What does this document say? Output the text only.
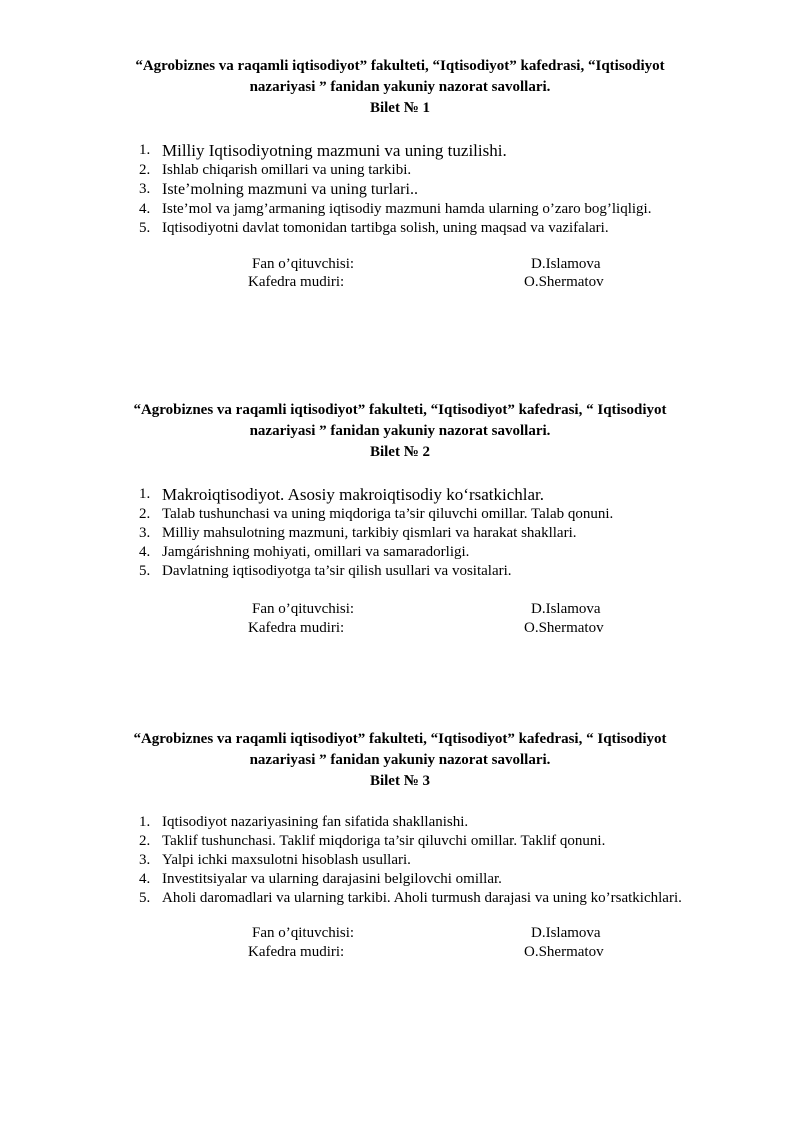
“Agrobiznes va raqamli iqtisodiyot” fakulteti, “Iqtisodiyot” kafedrasi, “Iqtisodiyot
nazariyasi ” fanidan yakuniy nazorat savollari.
Bilet № 1

1. Milliy Iqtisodiyotning mazmuni va uning tuzilishi.
2. Ishlab chiqarish omillari va uning tarkibi.
3. Iste’molning mazmuni va uning turlari..
4. Iste’mol va jamg’armaning iqtisodiy mazmuni hamda ularning o’zaro bog’liqligi.
5. Iqtisodiyotni davlat tomonidan tartibga solish, uning maqsad va vazifalari.
Fan o’qituvchisi:	D.Islamova
Kafedra mudiri:	O.Shermatov

“Agrobiznes va raqamli iqtisodiyot” fakulteti, “Iqtisodiyot” kafedrasi, “ Iqtisodiyot
nazariyasi ” fanidan yakuniy nazorat savollari.
Bilet № 2

1. Makroiqtisodiyot. Asosiy makroiqtisodiy ko‘rsatkichlar.
2. Talab tushunchasi va uning miqdoriga ta’sir qiluvchi omillar. Talab qonuni.
3. Milliy mahsulotning mazmuni, tarkibiy qismlari va harakat shakllari.
4. Jamgárishning mohiyati, omillari va samaradorligi.
5. Davlatning iqtisodiyotga ta’sir qilish usullari va vositalari.
Fan o’qituvchisi:	D.Islamova
Kafedra mudiri:	O.Shermatov

“Agrobiznes va raqamli iqtisodiyot” fakulteti, “Iqtisodiyot” kafedrasi, “ Iqtisodiyot
nazariyasi ” fanidan yakuniy nazorat savollari.
Bilet № 3

1. Iqtisodiyot nazariyasining fan sifatida shakllanishi.
2. Taklif tushunchasi. Taklif miqdoriga ta’sir qiluvchi omillar. Taklif qonuni.
3. Yalpi ichki maxsulotni hisoblash usullari.
4. Investitsiyalar va ularning darajasini belgilovchi omillar.
5. Aholi daromadlari va ularning tarkibi. Aholi turmush darajasi va uning ko’rsatkichlari.
Fan o’qituvchisi:	D.Islamova
Kafedra mudiri:	O.Shermatov
